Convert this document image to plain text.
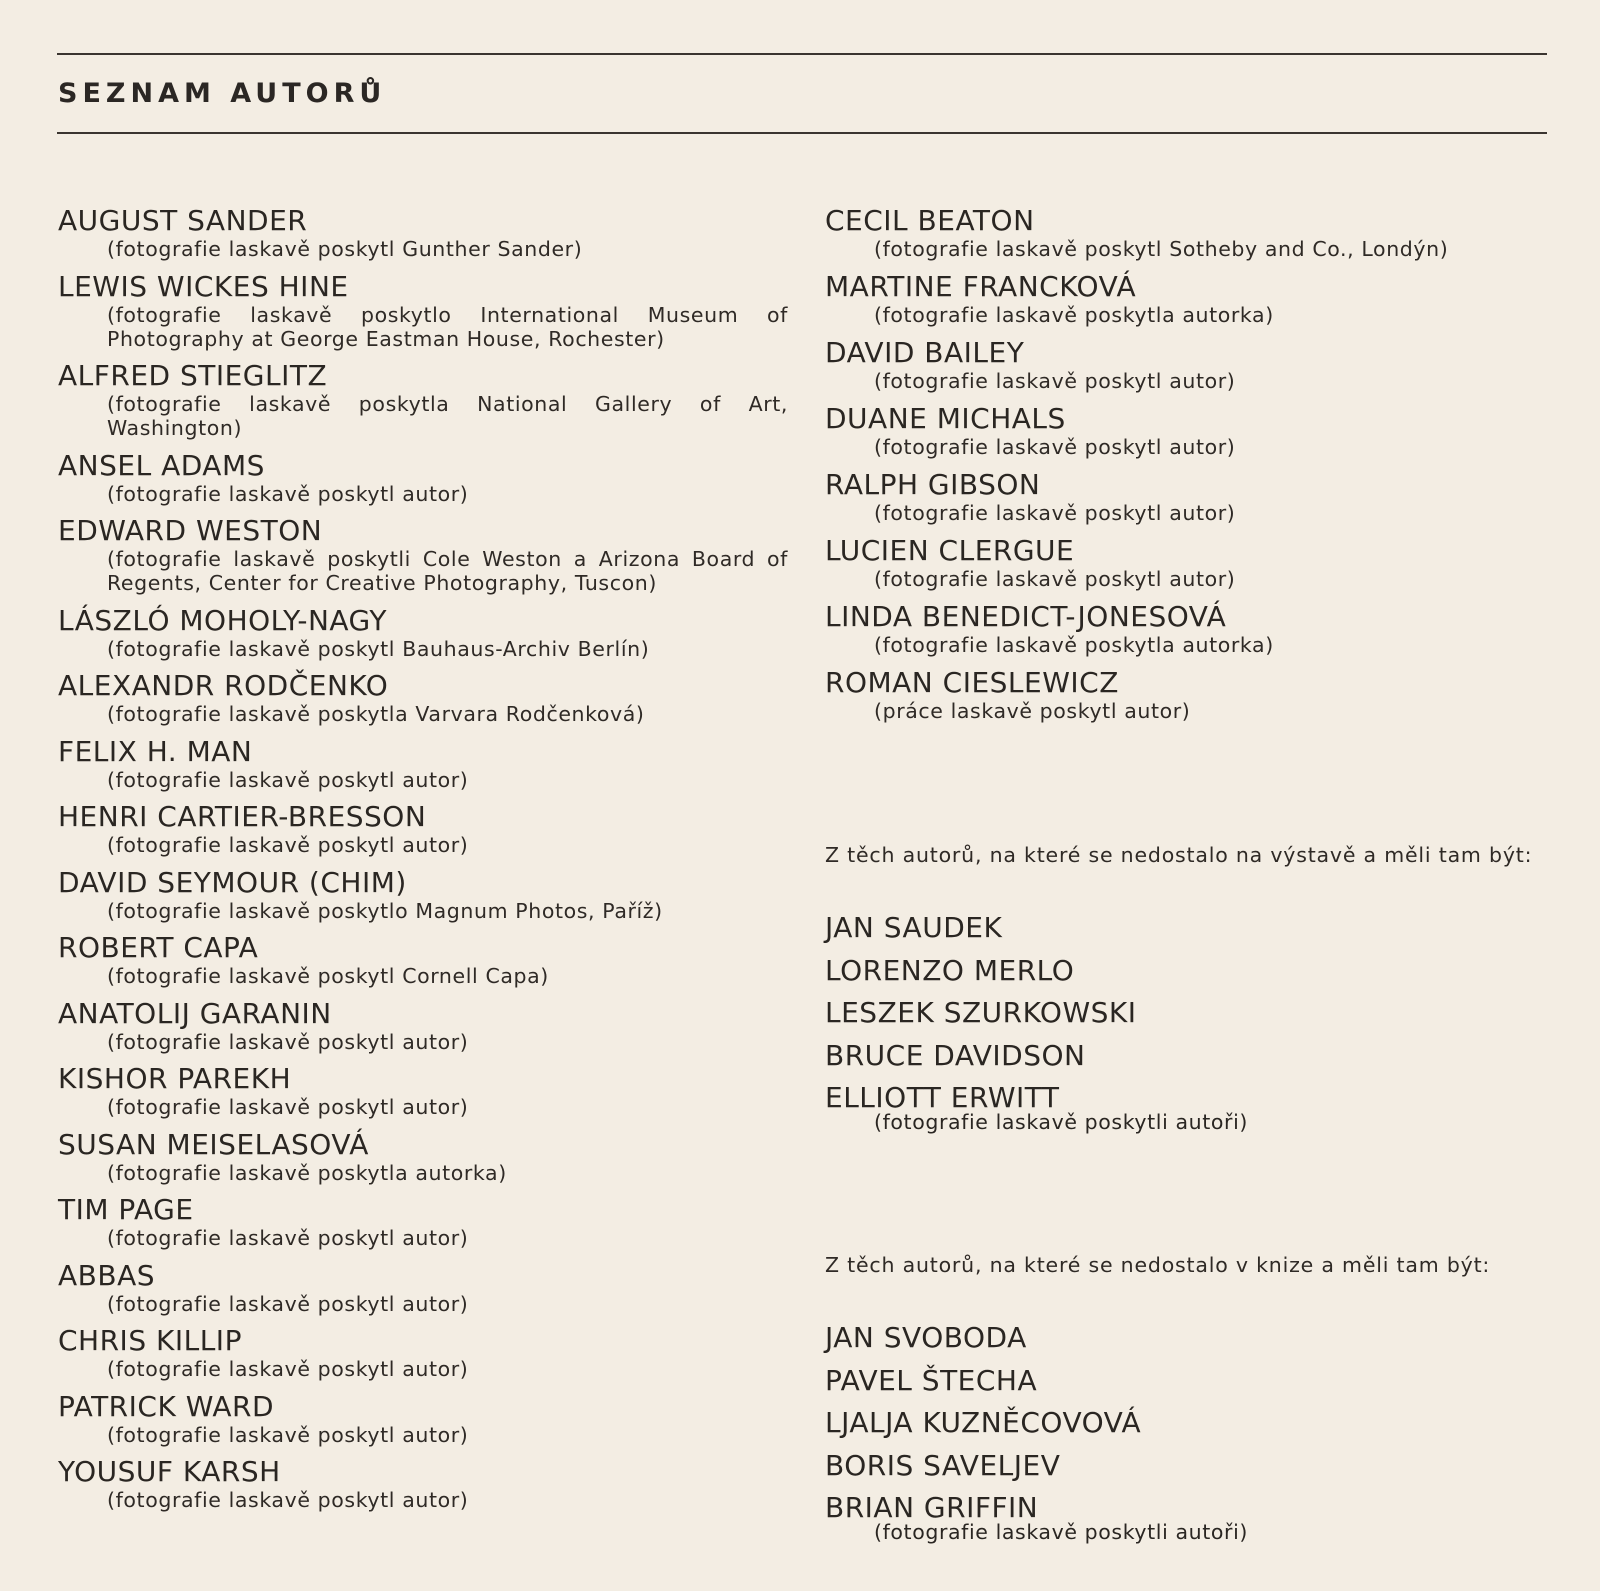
SEZNAM AUTORŮ
AUGUST SANDER
(fotografie laskavě poskytl Gunther Sander)
LEWIS WICKES HINE
(fotografie laskavě poskytlo International Museum of Photography at George Eastman House, Rochester)
ALFRED STIEGLITZ
(fotografie laskavě poskytla National Gallery of Art, Washington)
ANSEL ADAMS
(fotografie laskavě poskytl autor)
EDWARD WESTON
(fotografie laskavě poskytli Cole Weston a Arizona Board of Regents, Center for Creative Photography, Tuscon)
LÁSZLÓ MOHOLY-NAGY
(fotografie laskavě poskytl Bauhaus-Archiv Berlín)
ALEXANDR RODČENKO
(fotografie laskavě poskytla Varvara Rodčenková)
FELIX H. MAN
(fotografie laskavě poskytl autor)
HENRI CARTIER-BRESSON
(fotografie laskavě poskytl autor)
DAVID SEYMOUR (CHIM)
(fotografie laskavě poskytlo Magnum Photos, Paříž)
ROBERT CAPA
(fotografie laskavě poskytl Cornell Capa)
ANATOLIJ GARANIN
(fotografie laskavě poskytl autor)
KISHOR PAREKH
(fotografie laskavě poskytl autor)
SUSAN MEISELASOVÁ
(fotografie laskavě poskytla autorka)
TIM PAGE
(fotografie laskavě poskytl autor)
ABBAS
(fotografie laskavě poskytl autor)
CHRIS KILLIP
(fotografie laskavě poskytl autor)
PATRICK WARD
(fotografie laskavě poskytl autor)
YOUSUF KARSH
(fotografie laskavě poskytl autor)
CECIL BEATON
(fotografie laskavě poskytl Sotheby and Co., Londýn)
MARTINE FRANCKOVÁ
(fotografie laskavě poskytla autorka)
DAVID BAILEY
(fotografie laskavě poskytl autor)
DUANE MICHALS
(fotografie laskavě poskytl autor)
RALPH GIBSON
(fotografie laskavě poskytl autor)
LUCIEN CLERGUE
(fotografie laskavě poskytl autor)
LINDA BENEDICT-JONESOVÁ
(fotografie laskavě poskytla autorka)
ROMAN CIESLEWICZ
(práce laskavě poskytl autor)
Z těch autorů, na které se nedostalo na výstavě a měli tam být:
JAN SAUDEK
LORENZO MERLO
LESZEK SZURKOWSKI
BRUCE DAVIDSON
ELLIOTT ERWITT
(fotografie laskavě poskytli autoři)
Z těch autorů, na které se nedostalo v knize a měli tam být:
JAN SVOBODA
PAVEL ŠTECHA
LJALJA KUZNĚCOVOVÁ
BORIS SAVELJEV
BRIAN GRIFFIN
(fotografie laskavě poskytli autoři)
